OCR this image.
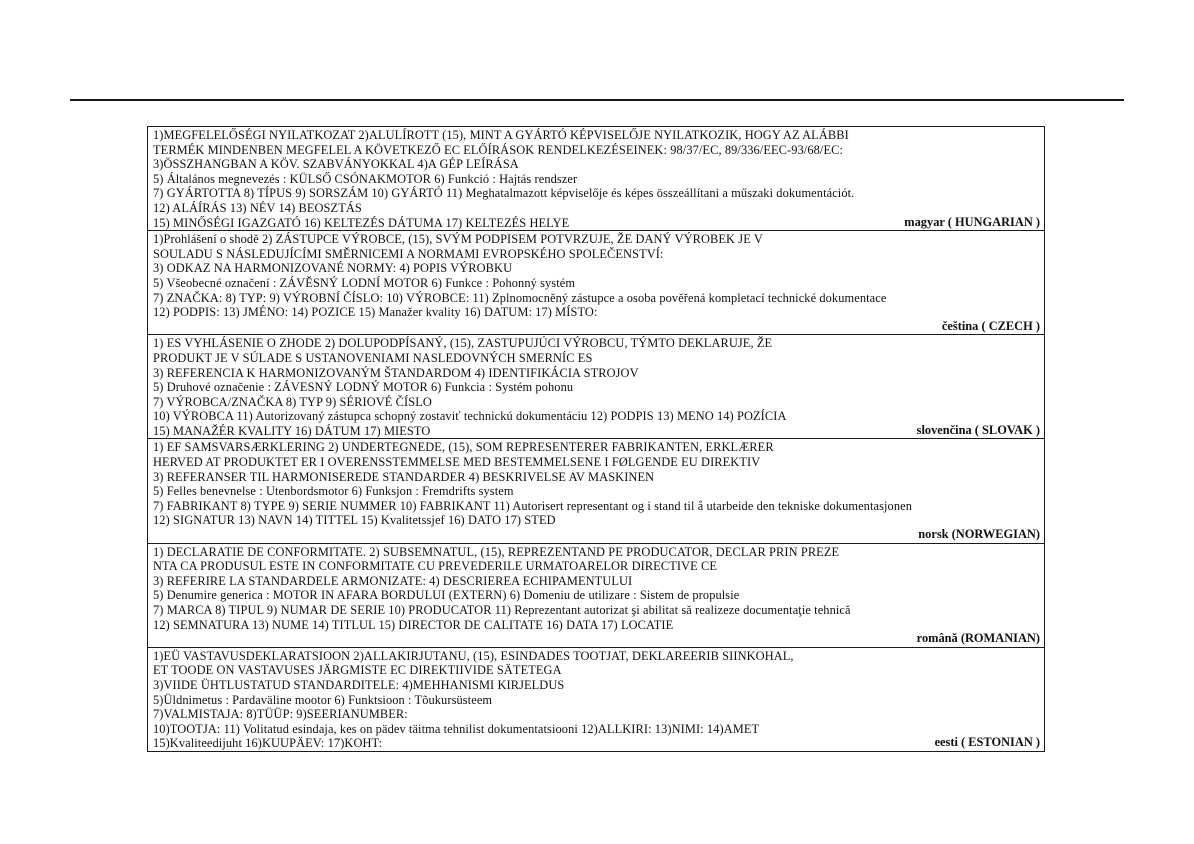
1)MEGFELELŐSÉGI NYILATKOZAT 2)ALULÍROTT (15), MINT A GYÁRTÓ KÉPVISELŐJE NYILATKOZIK, HOGY AZ ALÁBBI
TERMÉK MINDENBEN MEGFELEL A KÖVETKEZŐ EC ELŐÍRÁSOK RENDELKEZÉSEINEK: 98/37/EC, 89/336/EEC-93/68/EC:
3)ÖSSZHANGBAN A KÖV. SZABVÁNYOKKAL 4)A GÉP LEÍRÁSA
5) Általános megnevezés : KÜLSŐ CSÓNAKMOTOR 6) Funkció : Hajtás rendszer
7) GYÁRTOTTA 8) TÍPUS 9) SORSZÁM 10) GYÁRTÓ 11) Meghatalmazott képviselője és képes összeállítani a műszaki dokumentációt.
12) ALÁÍRÁS 13) NÉV 14) BEOSZTÁS
15) MINŐSÉGI IGAZGATÓ 16) KELTEZÉS DÁTUMA 17) KELTEZÉS HELYE	magyar ( HUNGARIAN )
1)Prohlášení o shodě 2) ZÁSTUPCE VÝROBCE, (15), SVÝM PODPISEM POTVRZUJE, ŽE DANÝ VÝROBEK JE V
SOULADU S NÁSLEDUJÍCÍMI SMĚRNICEMI A NORMAMI EVROPSKÉHO SPOLEČENSTVÍ:
3) ODKAZ NA HARMONIZOVANÉ NORMY: 4) POPIS VÝROBKU
5) Všeobecné označení : ZÁVĚSNÝ LODNÍ MOTOR 6) Funkce : Pohonný systém
7) ZNAČKA: 8) TYP: 9) VÝROBNÍ ČÍSLO: 10) VÝROBCE: 11) Zplnomocněný zástupce a osoba pověřená kompletací technické dokumentace
12) PODPIS: 13) JMÉNO: 14) POZICE 15) Manažer kvality 16) DATUM: 17) MÍSTO:
čeština ( CZECH )
1) ES VYHLÁSENIE O ZHODE 2) DOLUPODPÍSANÝ, (15), ZASTUPUJÚCI VÝROBCU, TÝMTO DEKLARUJE, ŽE
PRODUKT JE V SÚLADE S USTANOVENIAMI NASLEDOVNÝCH SMERNÍC ES
3) REFERENCIA K HARMONIZOVANÝM ŠTANDARDOM 4) IDENTIFIKÁCIA STROJOV
5) Druhové označenie : ZÁVESNÝ LODNÝ MOTOR 6) Funkcia : Systém pohonu
7) VÝROBCA/ZNAČKA 8) TYP 9) SÉRIOVÉ ČÍSLO
10) VÝROBCA 11) Autorizovaný zástupca schopný zostaviť technickú dokumentáciu 12) PODPIS 13) MENO 14) POZÍCIA
15) MANAŽÉR KVALITY 16) DÁTUM 17) MIESTO	slovenčina ( SLOVAK )
1) EF SAMSVARSÆRKLERING 2) UNDERTEGNEDE, (15), SOM REPRESENTERER FABRIKANTEN, ERKLÆRER
HERVED AT PRODUKTET ER I OVERENSSTEMMELSE MED BESTEMMELSENE I FØLGENDE EU DIREKTIV
3) REFERANSER TIL HARMONISEREDE STANDARDER 4) BESKRIVELSE AV MASKINEN
5) Felles benevnelse : Utenbordsmotor 6) Funksjon : Fremdrifts system
7) FABRIKANT 8) TYPE 9) SERIE NUMMER 10) FABRIKANT 11) Autorisert representant og i stand til å utarbeide den tekniske dokumentasjonen
12) SIGNATUR 13) NAVN 14) TITTEL 15) Kvalitetssjef 16) DATO 17) STED
norsk (NORWEGIAN)
1) DECLARATIE DE CONFORMITATE. 2) SUBSEMNATUL, (15), REPREZENTAND PE PRODUCATOR, DECLAR PRIN PREZE
NTA CA PRODUSUL ESTE IN CONFORMITATE CU PREVEDERILE URMATOARELOR DIRECTIVE CE
3) REFERIRE LA STANDARDELE ARMONIZATE: 4) DESCRIEREA ECHIPAMENTULUI
5) Denumire generica : MOTOR IN AFARA BORDULUI (EXTERN) 6) Domeniu de utilizare : Sistem de propulsie
7) MARCA 8) TIPUL 9) NUMAR DE SERIE 10) PRODUCATOR 11) Reprezentant autorizat şi abilitat să realizeze documentaţie tehnică
12) SEMNATURA 13) NUME 14) TITLUL 15) DIRECTOR DE CALITATE 16) DATA 17) LOCATIE
română (ROMANIAN)
1)EÜ VASTAVUSDEKLARATSIOON 2)ALLAKIRJUTANU, (15), ESINDADES TOOTJAT, DEKLAREERIB SIINKOHAL,
ET TOODE ON VASTAVUSES JÄRGMISTE EC DIREKTIIVIDE SÄTETEGA
3)VIIDE ÜHTLUSTATUD STANDARDITELE: 4)MEHHANISMI KIRJELDUS
5)Üldnimetus : Pardaväline mootor 6) Funktsioon : Tõukursüsteem
7)VALMISTAJA: 8)TÜÜP: 9)SEERIANUMBER:
10)TOOTJA: 11) Volitatud esindaja, kes on pädev täitma tehnilist dokumentatsiooni 12)ALLKIRI: 13)NIMI: 14)AMET
15)Kvaliteedijuht 16)KUUPÄEV: 17)KOHT:	eesti ( ESTONIAN )
